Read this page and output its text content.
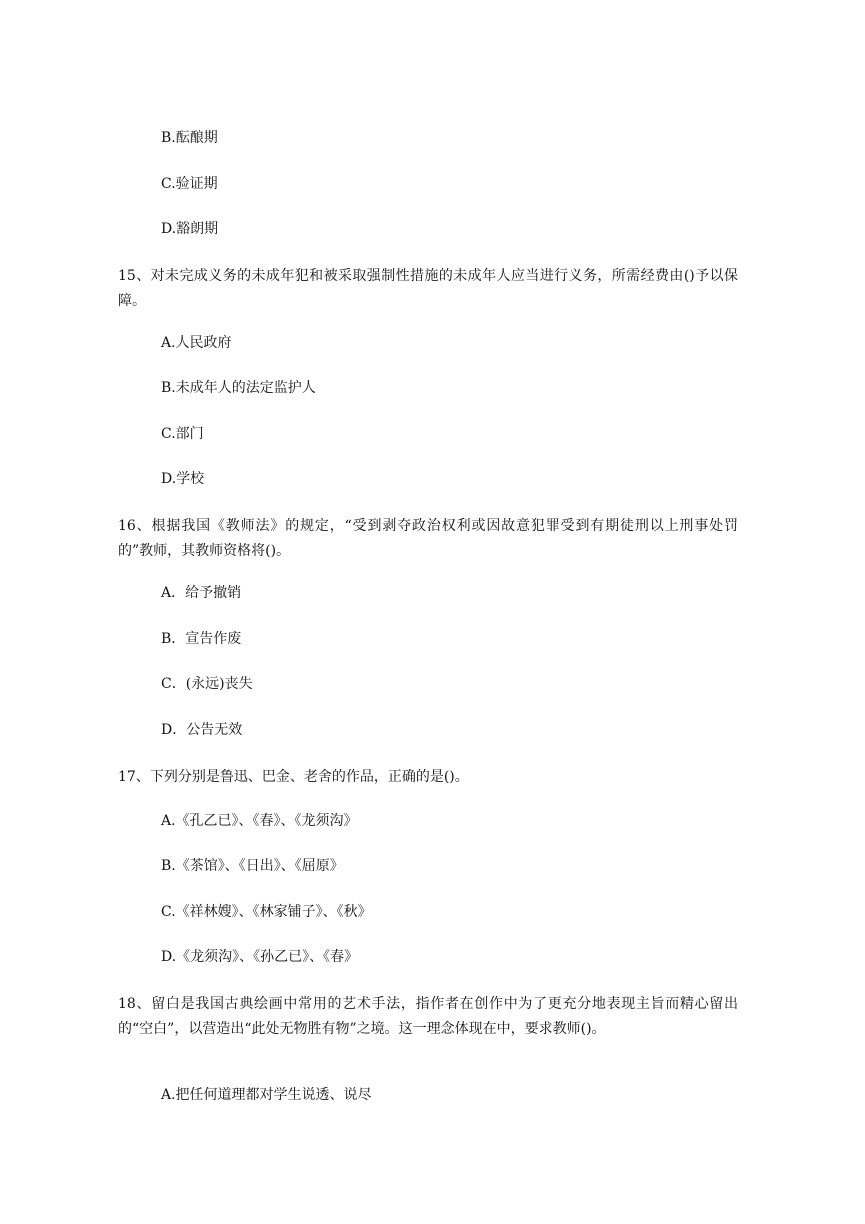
B.酝酿期
C.验证期
D.豁朗期
15、对未完成义务的未成年犯和被采取强制性措施的未成年人应当进行义务，所需经费由()予以保障。
A.人民政府
B.未成年人的法定监护人
C.部门
D.学校
16、根据我国《教师法》的规定，“受到剥夺政治权利或因故意犯罪受到有期徒刑以上刑事处罚的”教师，其教师资格将()。
A．给予撤销
B．宣告作废
C．(永远)丧失
D．公告无效
17、下列分别是鲁迅、巴金、老舍的作品，正确的是()。
A.《孔乙已》、《春》、《龙须沟》
B.《茶馆》、《日出》、《屈原》
C.《祥林嫂》、《林家铺子》、《秋》
D.《龙须沟》、《孙乙已》、《春》
18、留白是我国古典绘画中常用的艺术手法，指作者在创作中为了更充分地表现主旨而精心留出的“空白”，以营造出“此处无物胜有物”之境。这一理念体现在中，要求教师()。
A.把任何道理都对学生说透、说尽
